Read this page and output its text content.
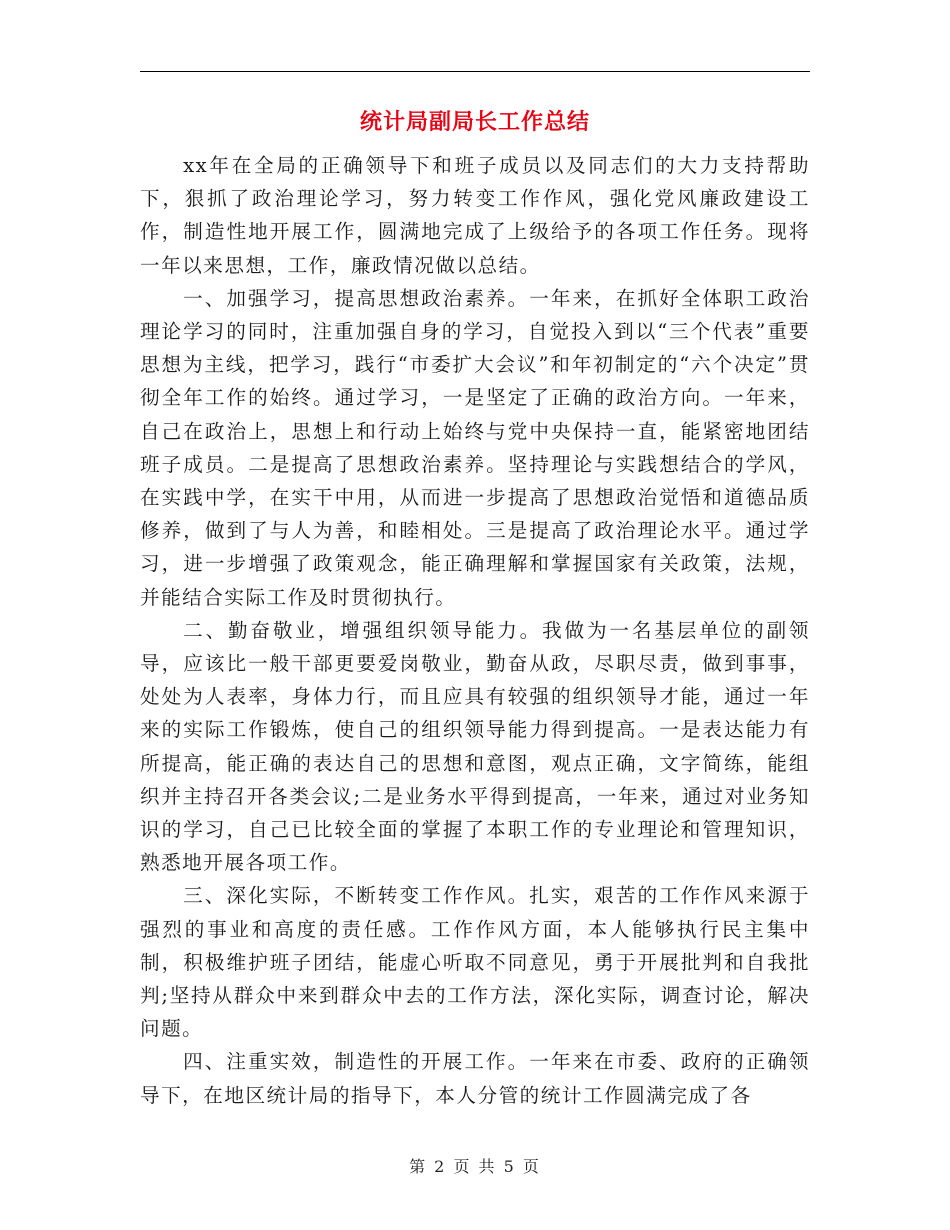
统计局副局长工作总结

xx年在全局的正确领导下和班子成员以及同志们的大力支持帮助下，狠抓了政治理论学习，努力转变工作作风，强化党风廉政建设工作，制造性地开展工作，圆满地完成了上级给予的各项工作任务。现将一年以来思想，工作，廉政情况做以总结。

一、加强学习，提高思想政治素养。一年来，在抓好全体职工政治理论学习的同时，注重加强自身的学习，自觉投入到以“三个代表”重要思想为主线，把学习，践行“市委扩大会议”和年初制定的“六个决定”贯彻全年工作的始终。通过学习，一是坚定了正确的政治方向。一年来，自己在政治上，思想上和行动上始终与党中央保持一直，能紧密地团结班子成员。二是提高了思想政治素养。坚持理论与实践想结合的学风，在实践中学，在实干中用，从而进一步提高了思想政治觉悟和道德品质修养，做到了与人为善，和睦相处。三是提高了政治理论水平。通过学习，进一步增强了政策观念，能正确理解和掌握国家有关政策，法规，并能结合实际工作及时贯彻执行。

二、勤奋敬业，增强组织领导能力。我做为一名基层单位的副领导，应该比一般干部更要爱岗敬业，勤奋从政，尽职尽责，做到事事，处处为人表率，身体力行，而且应具有较强的组织领导才能，通过一年来的实际工作锻炼，使自己的组织领导能力得到提高。一是表达能力有所提高，能正确的表达自己的思想和意图，观点正确，文字简练，能组织并主持召开各类会议;二是业务水平得到提高，一年来，通过对业务知识的学习，自己已比较全面的掌握了本职工作的专业理论和管理知识，熟悉地开展各项工作。

三、深化实际，不断转变工作作风。扎实，艰苦的工作作风来源于强烈的事业和高度的责任感。工作作风方面，本人能够执行民主集中制，积极维护班子团结，能虚心听取不同意见，勇于开展批判和自我批判;坚持从群众中来到群众中去的工作方法，深化实际，调查讨论，解决问题。

四、注重实效，制造性的开展工作。一年来在市委、政府的正确领导下，在地区统计局的指导下，本人分管的统计工作圆满完成了各

第 2 页 共 5 页
